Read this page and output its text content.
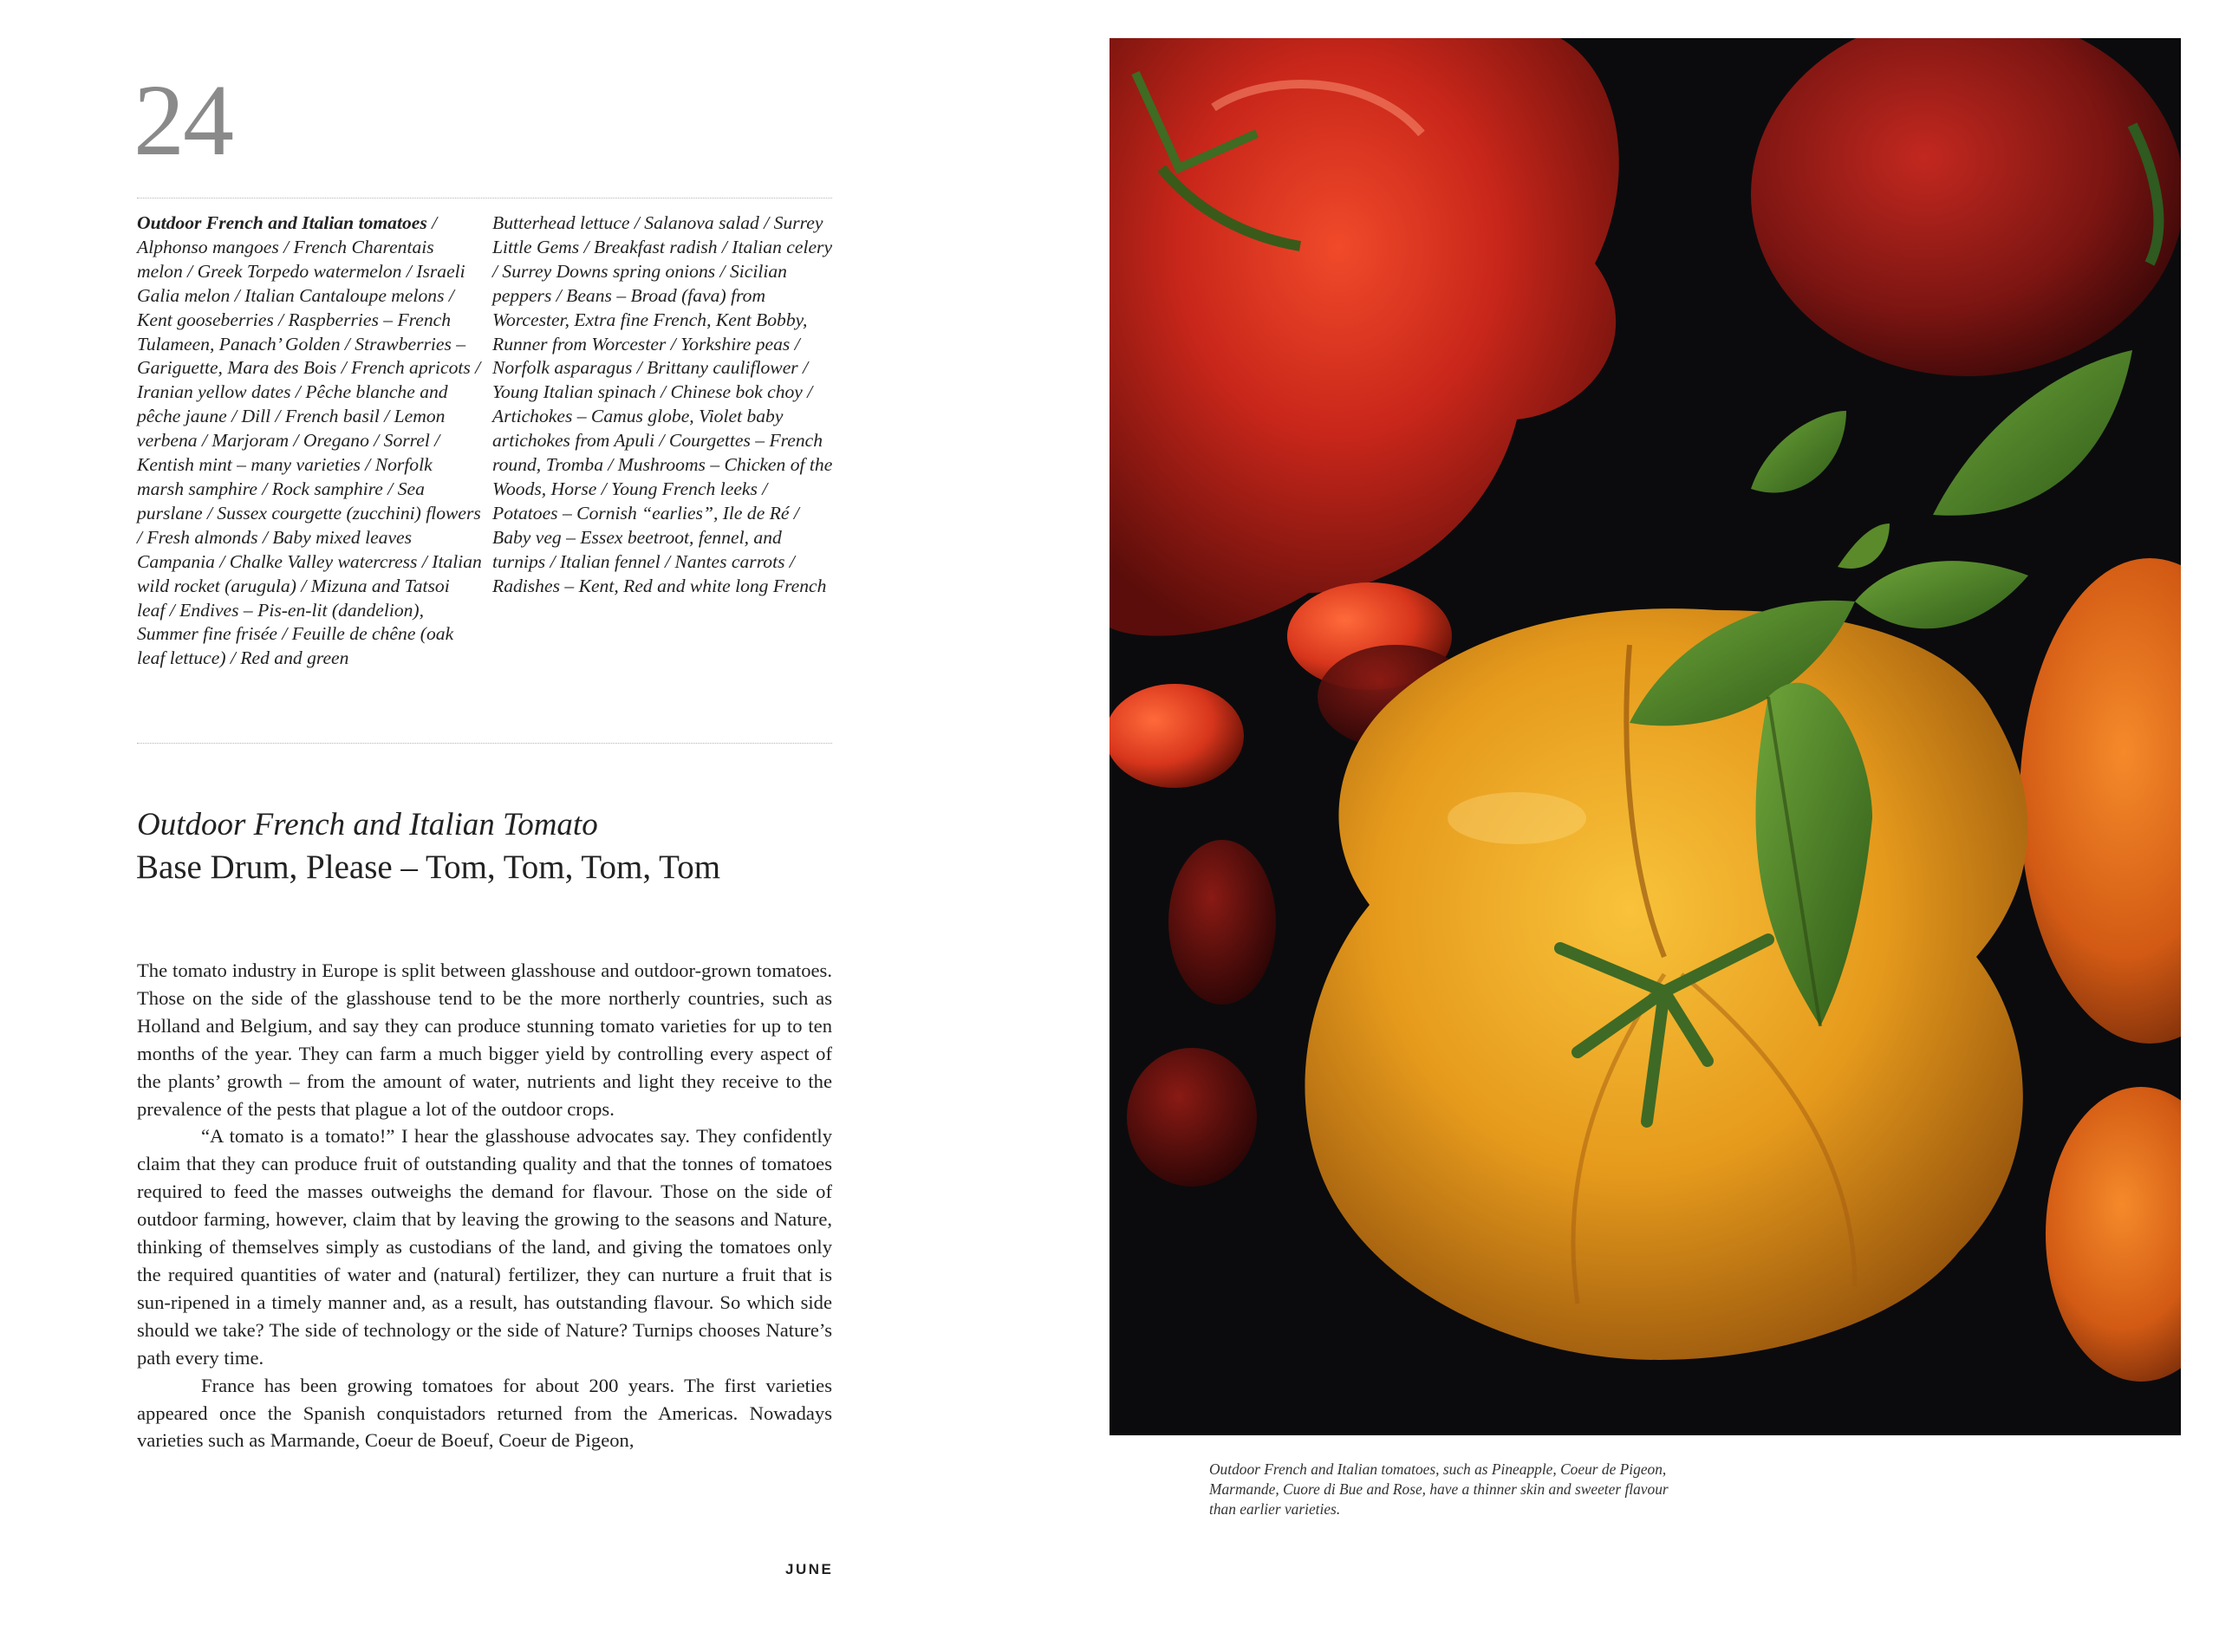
24
Outdoor French and Italian tomatoes / Alphonso mangoes / French Charentais melon / Greek Torpedo watermelon / Israeli Galia melon / Italian Cantaloupe melons / Kent gooseberries / Raspberries – French Tulameen, Panach’ Golden / Strawberries – Gariguette, Mara des Bois / French apricots / Iranian yellow dates / Pêche blanche and pêche jaune / Dill / French basil / Lemon verbena / Marjoram / Oregano / Sorrel / Kentish mint – many varieties / Norfolk marsh samphire / Rock samphire / Sea purslane / Sussex courgette (zucchini) flowers / Fresh almonds / Baby mixed leaves Campania / Chalke Valley watercress / Italian wild rocket (arugula) / Mizuna and Tatsoi leaf / Endives – Pis-en-lit (dandelion), Summer fine frisée / Feuille de chêne (oak leaf lettuce) / Red and green
Butterhead lettuce / Salanova salad / Surrey Little Gems / Breakfast radish / Italian celery / Surrey Downs spring onions / Sicilian peppers / Beans – Broad (fava) from Worcester, Extra fine French, Kent Bobby, Runner from Worcester / Yorkshire peas / Norfolk asparagus / Brittany cauliflower / Young Italian spinach / Chinese bok choy / Artichokes – Camus globe, Violet baby artichokes from Apuli / Courgettes – French round, Tromba / Mushrooms – Chicken of the Woods, Horse / Young French leeks / Potatoes – Cornish “earlies”, Ile de Ré / Baby veg – Essex beetroot, fennel, and turnips / Italian fennel / Nantes carrots / Radishes – Kent, Red and white long French
Outdoor French and Italian Tomato
Base Drum, Please – Tom, Tom, Tom, Tom

The tomato industry in Europe is split between glasshouse and outdoor-grown tomatoes. Those on the side of the glasshouse tend to be the more northerly countries, such as Holland and Belgium, and say they can produce stunning tomato varieties for up to ten months of the year. They can farm a much bigger yield by controlling every aspect of the plants’ growth – from the amount of water, nutrients and light they receive to the prevalence of the pests that plague a lot of the outdoor crops.

“A tomato is a tomato!” I hear the glasshouse advocates say. They confidently claim that they can produce fruit of outstanding quality and that the tonnes of tomatoes required to feed the masses outweighs the demand for flavour. Those on the side of outdoor farming, however, claim that by leaving the growing to the seasons and Nature, thinking of themselves simply as custodians of the land, and giving the tomatoes only the required quantities of water and (natural) fertilizer, they can nurture a fruit that is sun-ripened in a timely manner and, as a result, has outstanding flavour. So which side should we take? The side of technology or the side of Nature? Turnips chooses Nature’s path every time.

France has been growing tomatoes for about 200 years. The first varieties appeared once the Spanish conquistadors returned from the Americas. Nowadays varieties such as Marmande, Coeur de Boeuf, Coeur de Pigeon,

JUNE
Outdoor French and Italian tomatoes, such as Pineapple, Coeur de Pigeon, Marmande, Cuore di Bue and Rose, have a thinner skin and sweeter flavour than earlier varieties.
